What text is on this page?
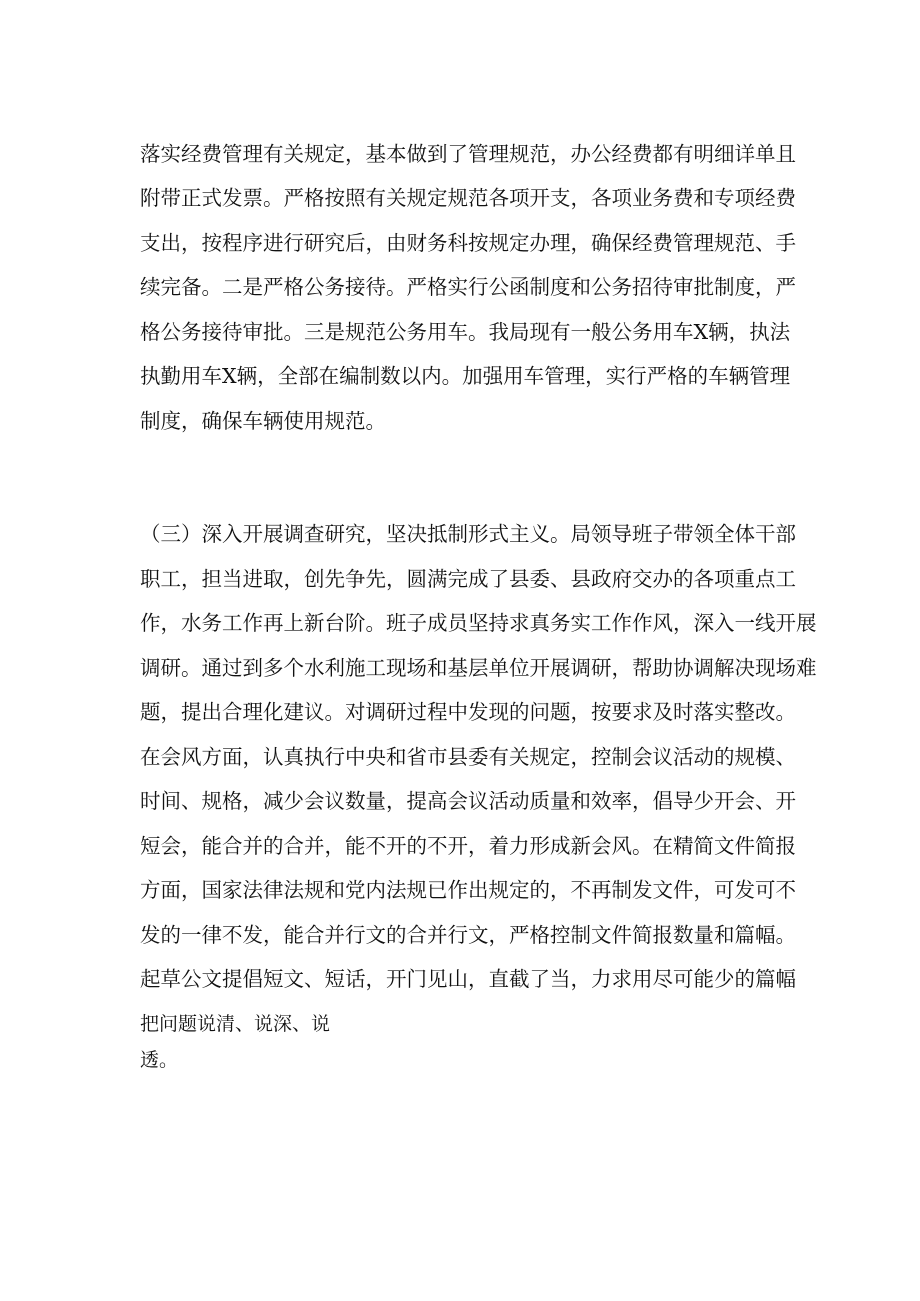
落实经费管理有关规定，基本做到了管理规范，办公经费都有明细详单且
附带正式发票。严格按照有关规定规范各项开支，各项业务费和专项经费
支出，按程序进行研究后，由财务科按规定办理，确保经费管理规范、手
续完备。二是严格公务接待。严格实行公函制度和公务招待审批制度，严
格公务接待审批。三是规范公务用车。我局现有一般公务用车X辆，执法
执勤用车X辆，全部在编制数以内。加强用车管理，实行严格的车辆管理
制度，确保车辆使用规范。
（三）深入开展调查研究，坚决抵制形式主义。局领导班子带领全体干部
职工，担当进取，创先争先，圆满完成了县委、县政府交办的各项重点工
作，水务工作再上新台阶。班子成员坚持求真务实工作作风，深入一线开展
调研。通过到多个水利施工现场和基层单位开展调研，帮助协调解决现场难
题，提出合理化建议。对调研过程中发现的问题，按要求及时落实整改。
在会风方面，认真执行中央和省市县委有关规定，控制会议活动的规模、
时间、规格，减少会议数量，提高会议活动质量和效率，倡导少开会、开
短会，能合并的合并，能不开的不开，着力形成新会风。在精简文件简报
方面，国家法律法规和党内法规已作出规定的，不再制发文件，可发可不
发的一律不发，能合并行文的合并行文，严格控制文件简报数量和篇幅。
起草公文提倡短文、短话，开门见山，直截了当，力求用尽可能少的篇幅
把问题说清、说深、说
透。
